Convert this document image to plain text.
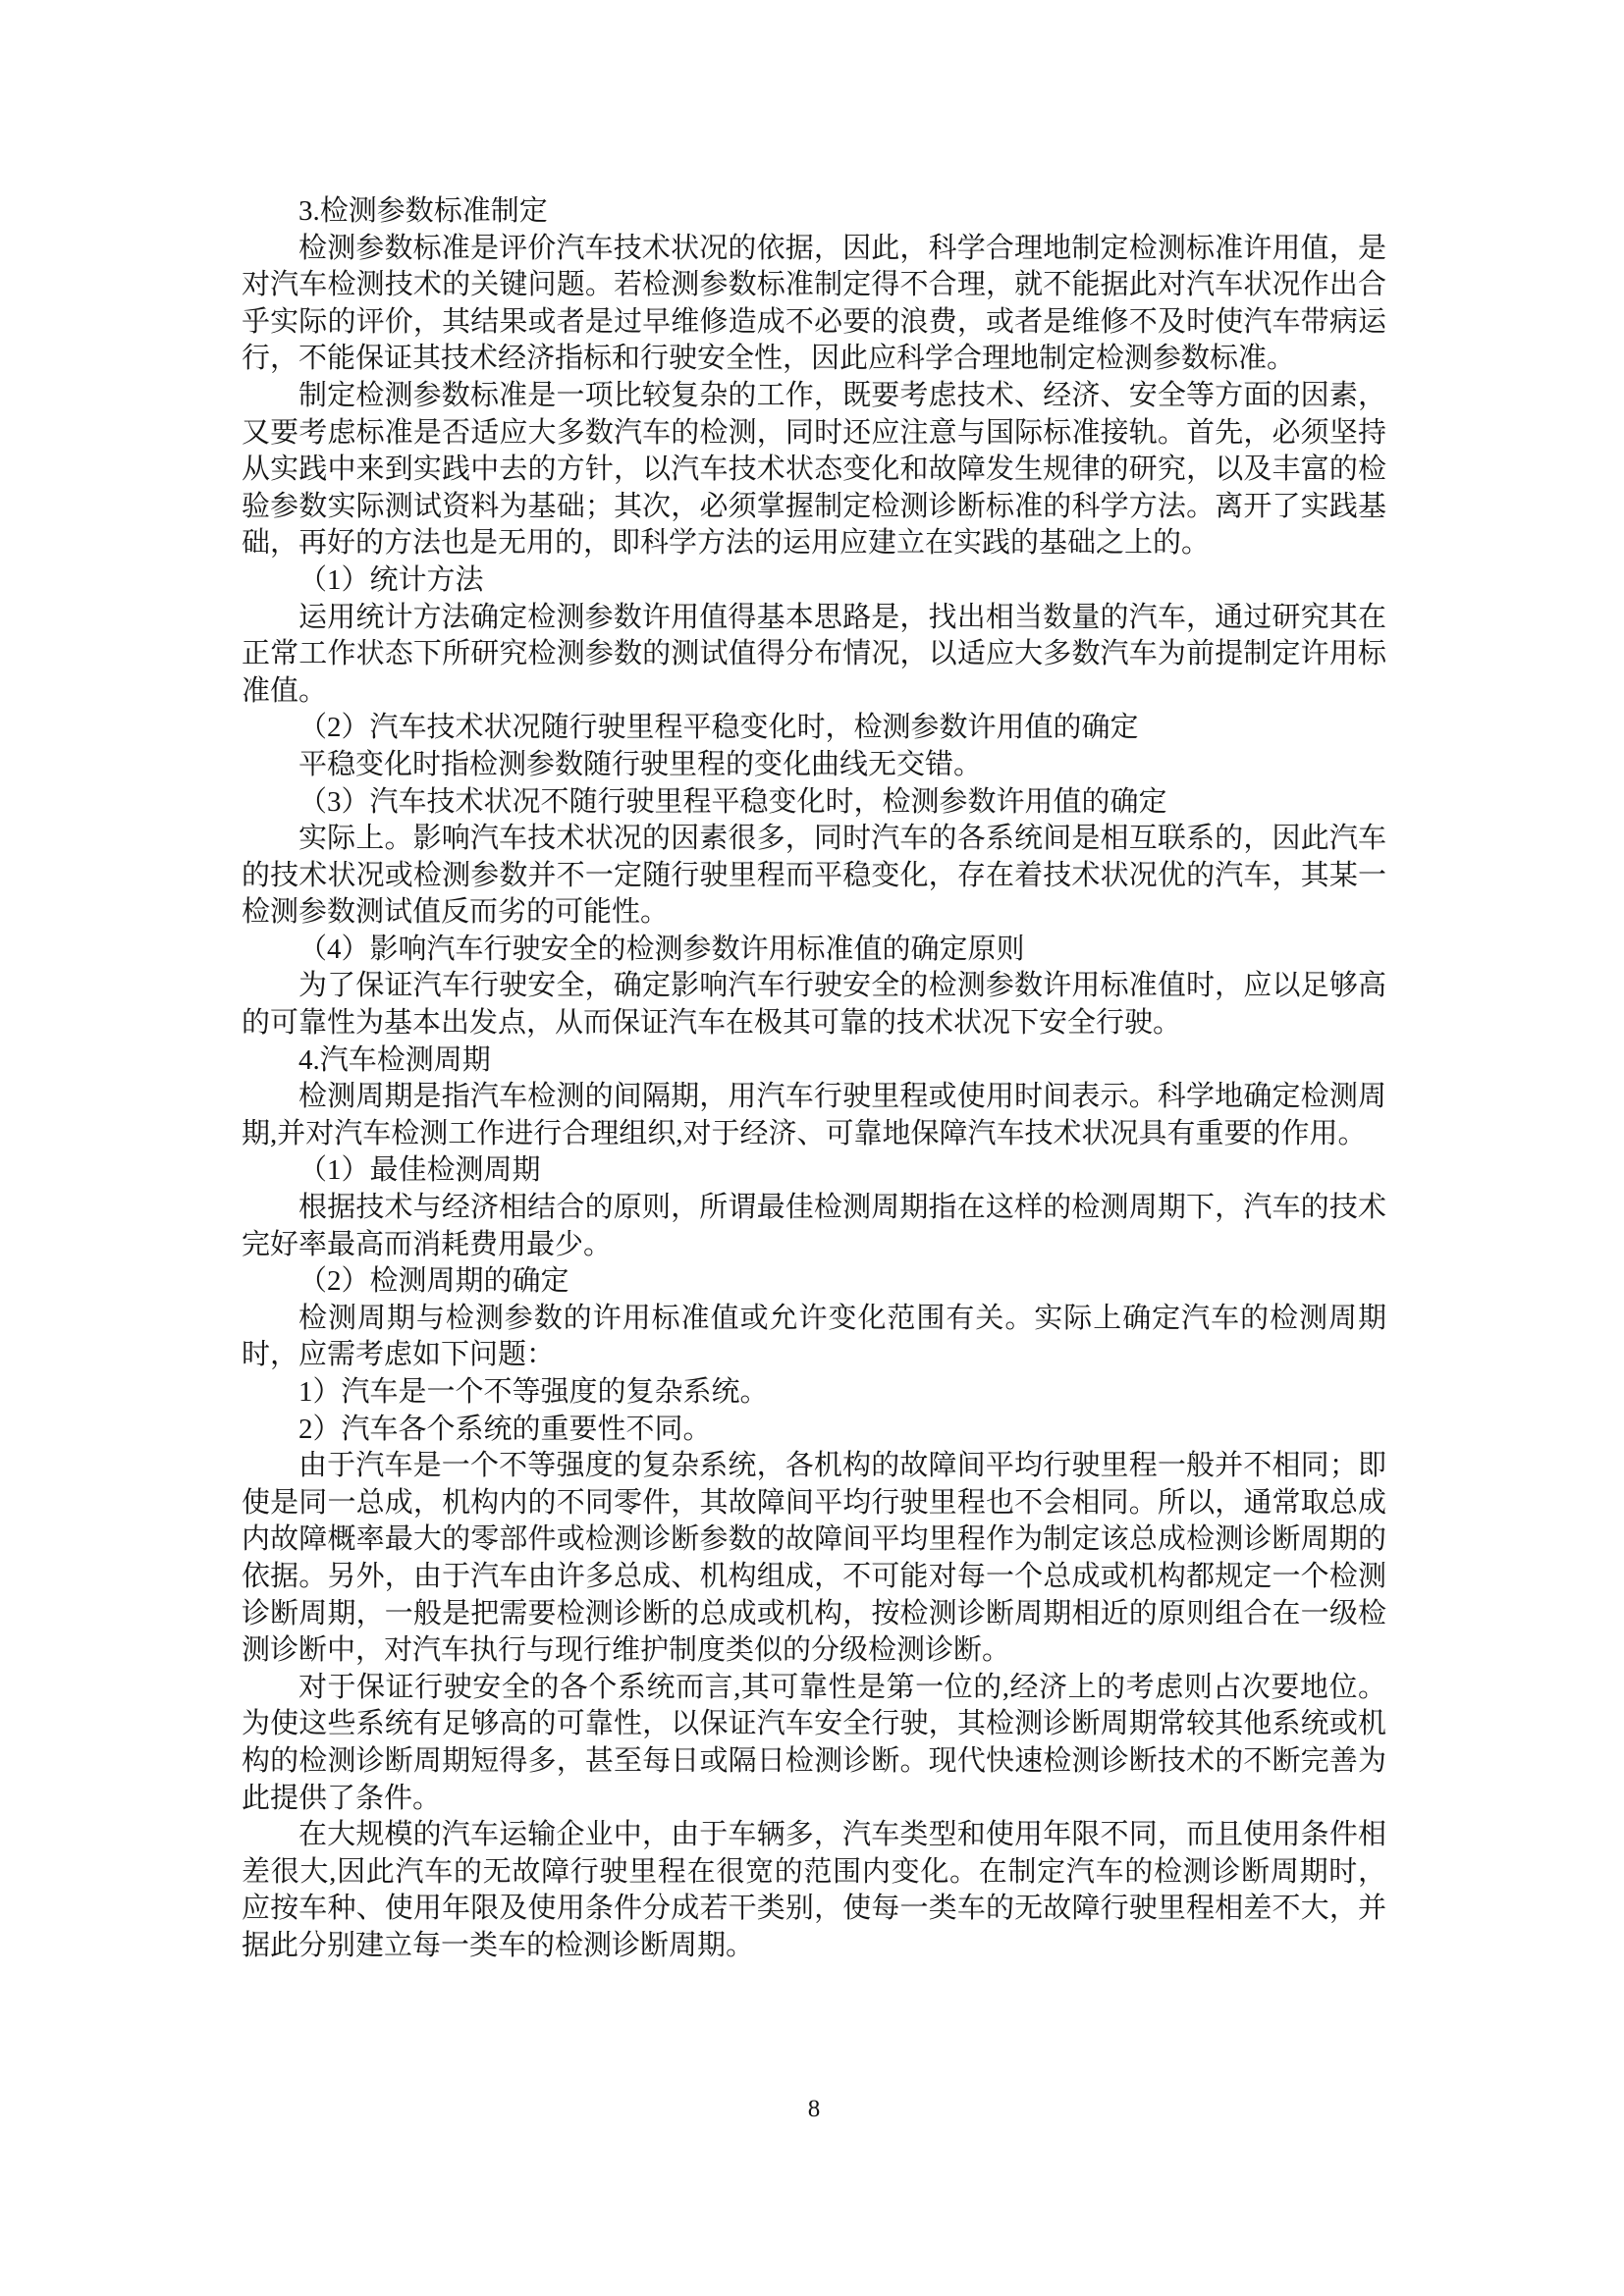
3.检测参数标准制定

检测参数标准是评价汽车技术状况的依据，因此，科学合理地制定检测标准许用值，是对汽车检测技术的关键问题。若检测参数标准制定得不合理，就不能据此对汽车状况作出合乎实际的评价，其结果或者是过早维修造成不必要的浪费，或者是维修不及时使汽车带病运行，不能保证其技术经济指标和行驶安全性，因此应科学合理地制定检测参数标准。

制定检测参数标准是一项比较复杂的工作，既要考虑技术、经济、安全等方面的因素，又要考虑标准是否适应大多数汽车的检测，同时还应注意与国际标准接轨。首先，必须坚持从实践中来到实践中去的方针，以汽车技术状态变化和故障发生规律的研究，以及丰富的检验参数实际测试资料为基础；其次，必须掌握制定检测诊断标准的科学方法。离开了实践基础，再好的方法也是无用的，即科学方法的运用应建立在实践的基础之上的。

（1）统计方法

运用统计方法确定检测参数许用值得基本思路是，找出相当数量的汽车，通过研究其在正常工作状态下所研究检测参数的测试值得分布情况，以适应大多数汽车为前提制定许用标准值。

（2）汽车技术状况随行驶里程平稳变化时，检测参数许用值的确定

平稳变化时指检测参数随行驶里程的变化曲线无交错。

（3）汽车技术状况不随行驶里程平稳变化时，检测参数许用值的确定

实际上。影响汽车技术状况的因素很多，同时汽车的各系统间是相互联系的，因此汽车的技术状况或检测参数并不一定随行驶里程而平稳变化，存在着技术状况优的汽车，其某一检测参数测试值反而劣的可能性。

（4）影响汽车行驶安全的检测参数许用标准值的确定原则

为了保证汽车行驶安全，确定影响汽车行驶安全的检测参数许用标准值时，应以足够高的可靠性为基本出发点，从而保证汽车在极其可靠的技术状况下安全行驶。

4.汽车检测周期

检测周期是指汽车检测的间隔期，用汽车行驶里程或使用时间表示。科学地确定检测周期,并对汽车检测工作进行合理组织,对于经济、可靠地保障汽车技术状况具有重要的作用。

（1）最佳检测周期

根据技术与经济相结合的原则，所谓最佳检测周期指在这样的检测周期下，汽车的技术完好率最高而消耗费用最少。

（2）检测周期的确定

检测周期与检测参数的许用标准值或允许变化范围有关。实际上确定汽车的检测周期时，应需考虑如下问题：

1）汽车是一个不等强度的复杂系统。

2）汽车各个系统的重要性不同。

由于汽车是一个不等强度的复杂系统，各机构的故障间平均行驶里程一般并不相同；即使是同一总成，机构内的不同零件，其故障间平均行驶里程也不会相同。所以，通常取总成内故障概率最大的零部件或检测诊断参数的故障间平均里程作为制定该总成检测诊断周期的依据。另外，由于汽车由许多总成、机构组成，不可能对每一个总成或机构都规定一个检测诊断周期，一般是把需要检测诊断的总成或机构，按检测诊断周期相近的原则组合在一级检测诊断中，对汽车执行与现行维护制度类似的分级检测诊断。

对于保证行驶安全的各个系统而言,其可靠性是第一位的,经济上的考虑则占次要地位。为使这些系统有足够高的可靠性，以保证汽车安全行驶，其检测诊断周期常较其他系统或机构的检测诊断周期短得多，甚至每日或隔日检测诊断。现代快速检测诊断技术的不断完善为此提供了条件。

在大规模的汽车运输企业中，由于车辆多，汽车类型和使用年限不同，而且使用条件相差很大,因此汽车的无故障行驶里程在很宽的范围内变化。在制定汽车的检测诊断周期时，应按车种、使用年限及使用条件分成若干类别，使每一类车的无故障行驶里程相差不大，并据此分别建立每一类车的检测诊断周期。

8
